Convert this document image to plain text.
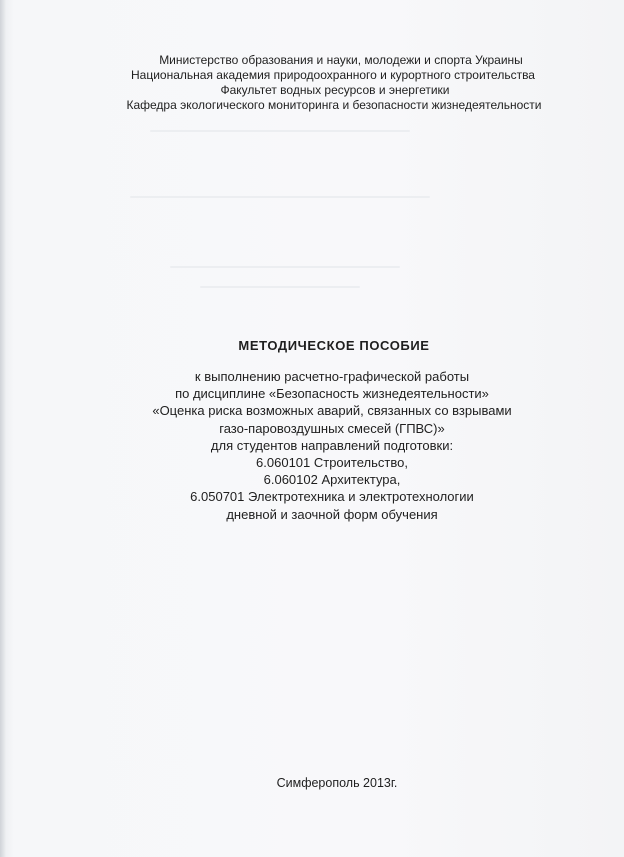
Министерство образования и науки, молодежи и спорта Украины
Национальная академия природоохранного и курортного строительства
Факультет водных ресурсов и энергетики
Кафедра экологического мониторинга и безопасности жизнедеятельности
МЕТОДИЧЕСКОЕ ПОСОБИЕ
к выполнению расчетно-графической работы
по дисциплине «Безопасность жизнедеятельности»
«Оценка риска возможных аварий, связанных со взрывами
газо-паровоздушных смесей (ГПВС)»
для студентов направлений подготовки:
6.060101 Строительство,
6.060102 Архитектура,
6.050701 Электротехника и электротехнологии
дневной и заочной форм обучения
Симферополь 2013г.
